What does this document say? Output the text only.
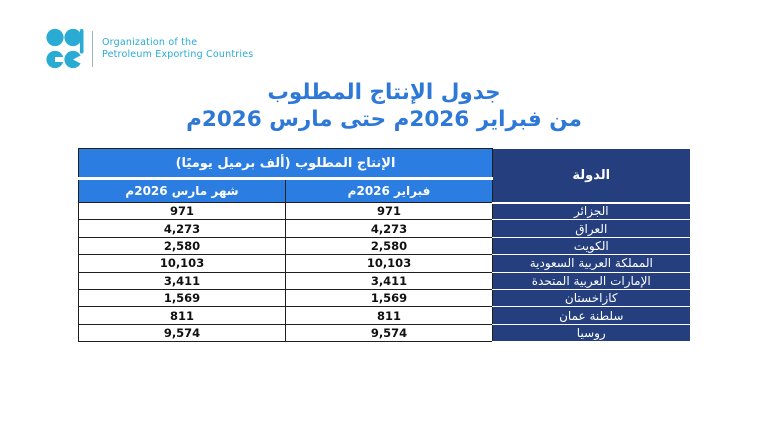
Organization of the
Petroleum Exporting Countries
جدول الإنتاج المطلوب
من فبراير 2026م حتى مارس 2026م
الدولة	الإنتاج المطلوب (ألف برميل يوميًا)	
	فبراير 2026م	شهر مارس 2026م
الجزائر	971	971
العراق	4,273	4,273
الكويت	2,580	2,580
المملكة العربية السعودية	10,103	10,103
الإمارات العربية المتحدة	3,411	3,411
كازاخستان	1,569	1,569
سلطنة عمان	811	811
روسيا	9,574	9,574
